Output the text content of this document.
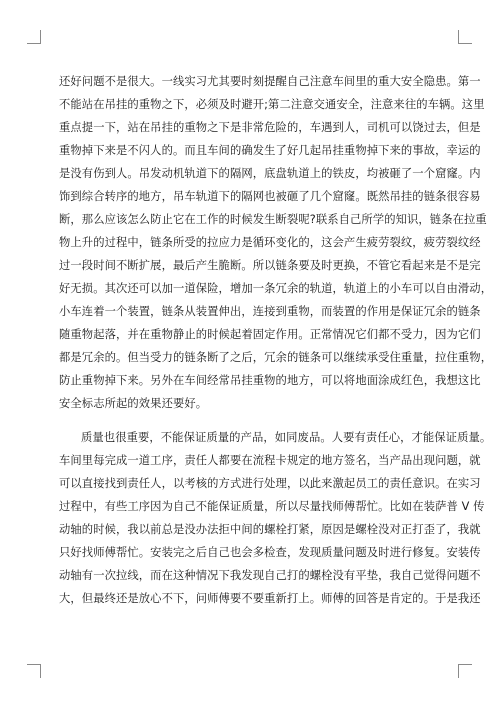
还好问题不是很大。一线实习尤其要时刻提醒自己注意车间里的重大安全隐患。第一
不能站在吊挂的重物之下，必须及时避开;第二注意交通安全，注意来往的车辆。这里
重点提一下，站在吊挂的重物之下是非常危险的，车遇到人，司机可以饶过去，但是
重物掉下来是不闪人的。而且车间的确发生了好几起吊挂重物掉下来的事故，幸运的
是没有伤到人。吊发动机轨道下的隔网，底盘轨道上的铁皮，均被砸了一个窟窿。内
饰到综合转序的地方，吊车轨道下的隔网也被砸了几个窟窿。既然吊挂的链条很容易
断，那么应该怎么防止它在工作的时候发生断裂呢?联系自己所学的知识，链条在拉重
物上升的过程中，链条所受的拉应力是循环变化的，这会产生疲劳裂纹，疲劳裂纹经
过一段时间不断扩展，最后产生脆断。所以链条要及时更换，不管它看起来是不是完
好无损。其次还可以加一道保险，增加一条冗余的轨道，轨道上的小车可以自由滑动，
小车连着一个装置，链条从装置伸出，连接到重物，而装置的作用是保证冗余的链条
随重物起落，并在重物静止的时候起着固定作用。正常情况它们都不受力，因为它们
都是冗余的。但当受力的链条断了之后，冗余的链条可以继续承受住重量，拉住重物，
防止重物掉下来。另外在车间经常吊挂重物的地方，可以将地面涂成红色，我想这比
安全标志所起的效果还要好。
质量也很重要，不能保证质量的产品，如同废品。人要有责任心，才能保证质量。
车间里每完成一道工序，责任人都要在流程卡规定的地方签名，当产品出现问题，就
可以直接找到责任人，以考核的方式进行处理，以此来激起员工的责任意识。在实习
过程中，有些工序因为自己不能保证质量，所以尽量找师傅帮忙。比如在装萨普 V 传
动轴的时候，我以前总是没办法拒中间的螺栓打紧，原因是螺栓没对正打歪了，我就
只好找师傅帮忙。安装完之后自己也会多检查，发现质量问题及时进行修复。安装传
动轴有一次拉线，而在这种情况下我发现自己打的螺栓没有平垫，我自己觉得问题不
大，但最终还是放心不下，问师傅要不要重新打上。师傅的回答是肯定的。于是我还
